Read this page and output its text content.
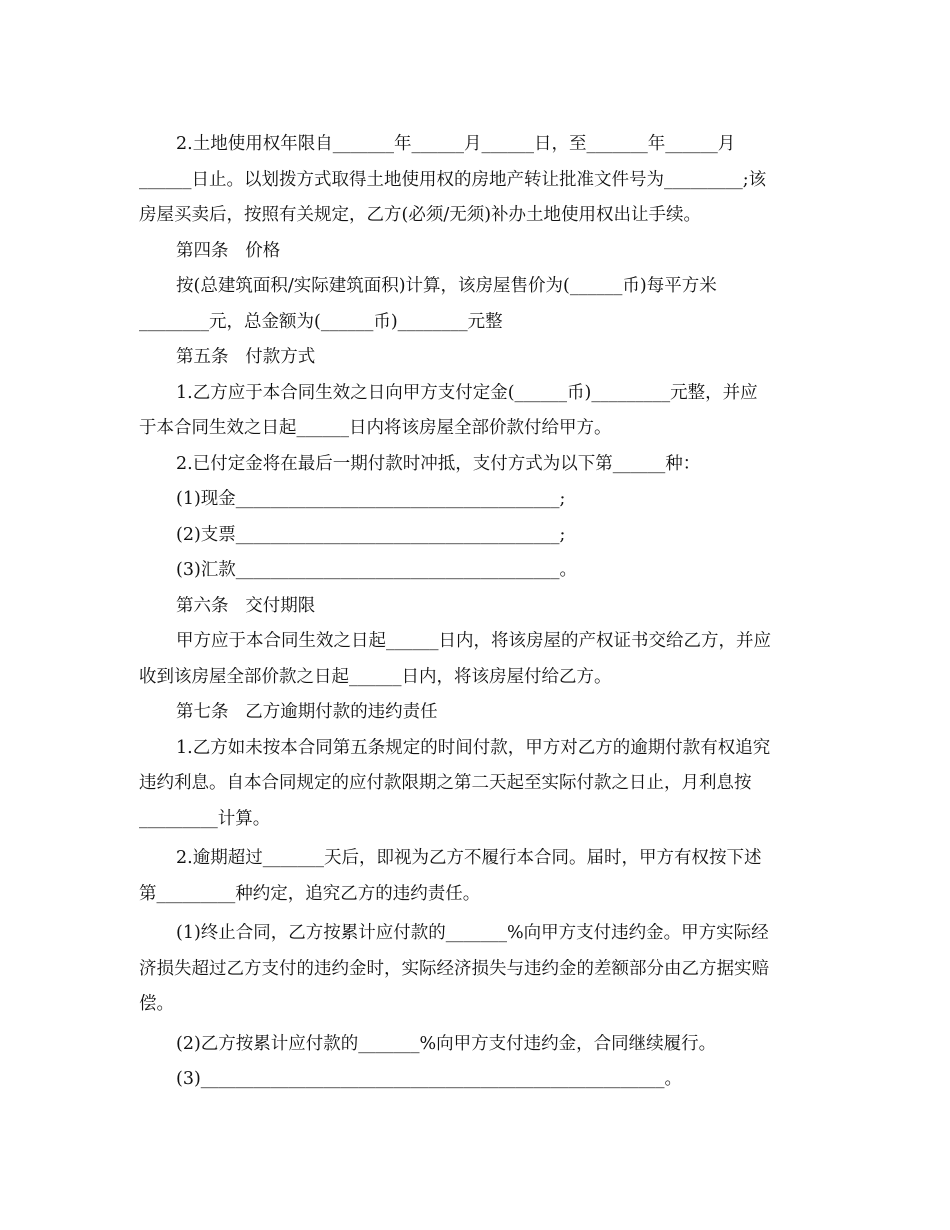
2.土地使用权年限自_______年______月______日，至_______年______月
______日止。以划拨方式取得土地使用权的房地产转让批准文件号为_________;该
房屋买卖后，按照有关规定，乙方(必须/无须)补办土地使用权出让手续。
第四条   价格
按(总建筑面积/实际建筑面积)计算，该房屋售价为(______币)每平方米
________元，总金额为(______币)________元整
第五条   付款方式
1.乙方应于本合同生效之日向甲方支付定金(______币)_________元整，并应
于本合同生效之日起______日内将该房屋全部价款付给甲方。
2.已付定金将在最后一期付款时冲抵，支付方式为以下第______种：
(1)现金_____________________________________;
(2)支票_____________________________________;
(3)汇款_____________________________________。
第六条   交付期限
甲方应于本合同生效之日起______日内，将该房屋的产权证书交给乙方，并应
收到该房屋全部价款之日起______日内，将该房屋付给乙方。
第七条   乙方逾期付款的违约责任
1.乙方如未按本合同第五条规定的时间付款，甲方对乙方的逾期付款有权追究
违约利息。自本合同规定的应付款限期之第二天起至实际付款之日止，月利息按
_________计算。
2.逾期超过_______天后，即视为乙方不履行本合同。届时，甲方有权按下述
第_________种约定，追究乙方的违约责任。
(1)终止合同，乙方按累计应付款的_______%向甲方支付违约金。甲方实际经
济损失超过乙方支付的违约金时，实际经济损失与违约金的差额部分由乙方据实赔
偿。
(2)乙方按累计应付款的_______%向甲方支付违约金，合同继续履行。
(3)_____________________________________________________。
